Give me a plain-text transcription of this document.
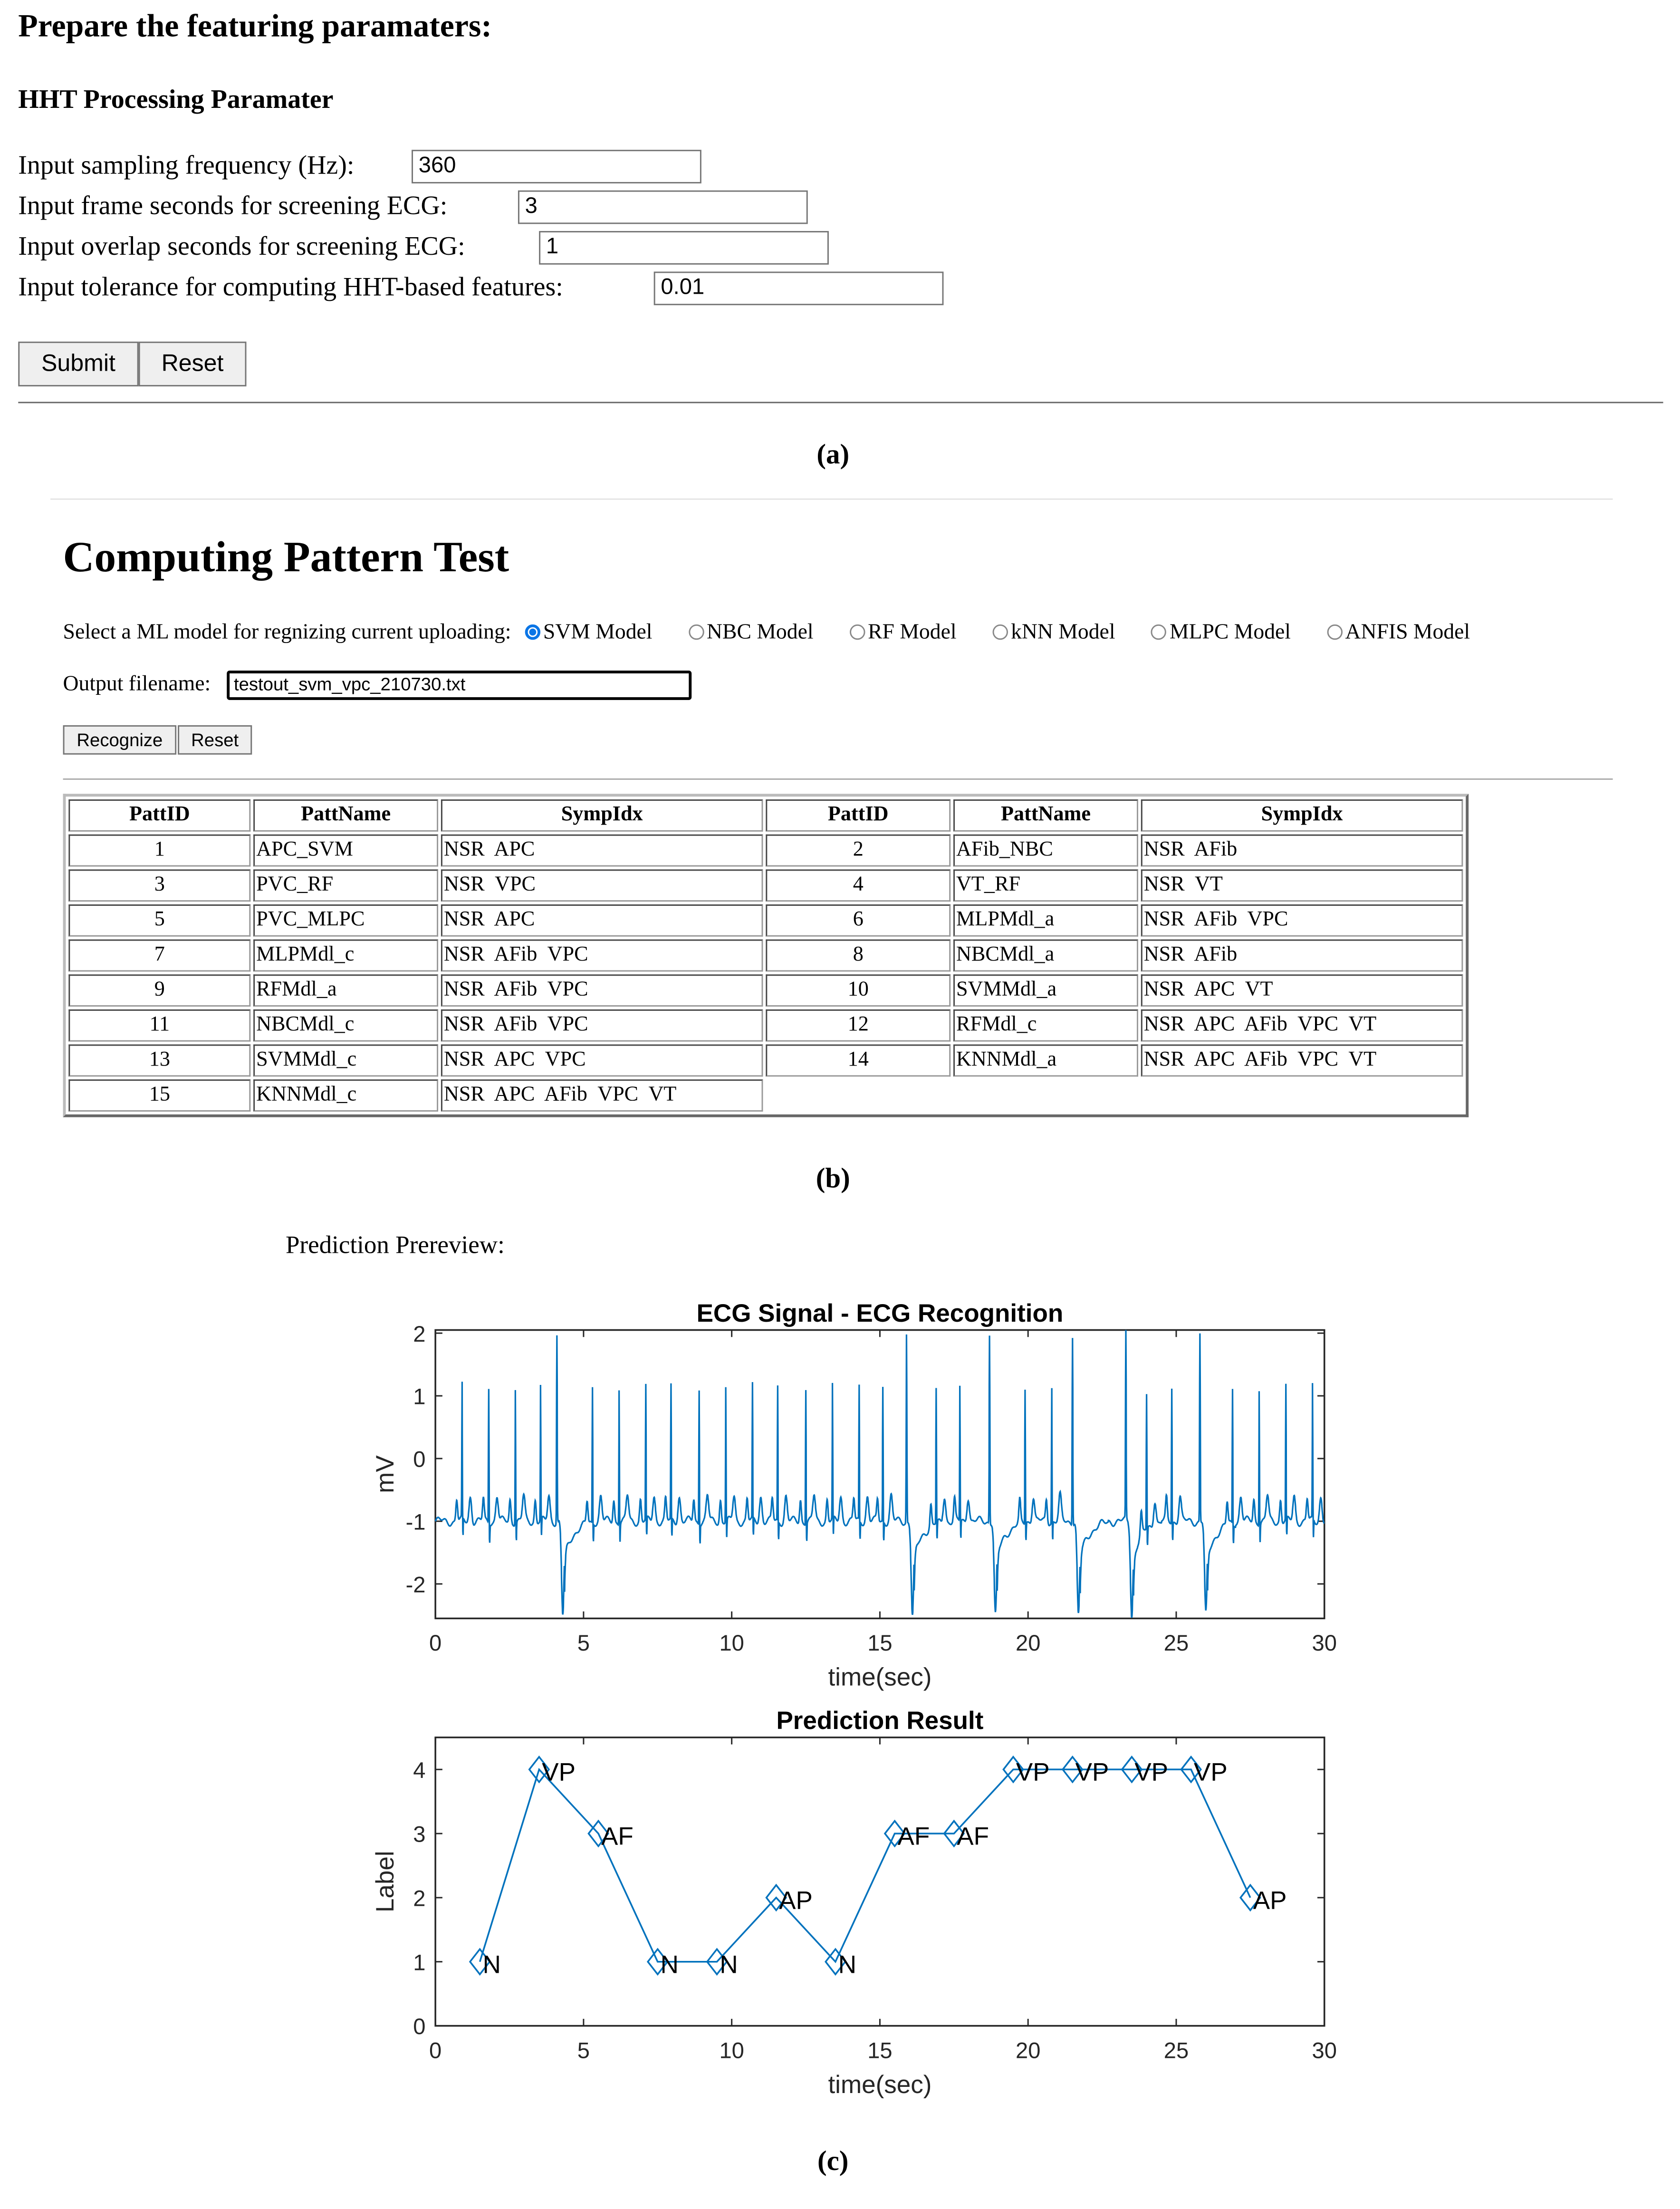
Prepare the featuring paramaters:
HHT Processing Paramater
Input sampling frequency (Hz):	360
Input frame seconds for screening ECG:	3
Input overlap seconds for screening ECG:	1
Input tolerance for computing HHT-based features:	0.01
Submit	Reset
(a)
Computing Pattern Test
Select a ML model for regnizing current uploading:	SVM Model	NBC Model	RF Model	kNN Model	MLPC Model	ANFIS Model
Output filename:	testout_svm_vpc_210730.txt
Recognize	Reset
PattID	PattName	SympIdx	PattID	PattName	SympIdx
1	APC_SVM	NSR  APC	2	AFib_NBC	NSR  AFib
3	PVC_RF	NSR  VPC	4	VT_RF	NSR  VT
5	PVC_MLPC	NSR  APC	6	MLPMdl_a	NSR  AFib  VPC
7	MLPMdl_c	NSR  AFib  VPC	8	NBCMdl_a	NSR  AFib
9	RFMdl_a	NSR  AFib  VPC	10	SVMMdl_a	NSR  APC  VT
11	NBCMdl_c	NSR  AFib  VPC	12	RFMdl_c	NSR  APC  AFib  VPC  VT
13	SVMMdl_c	NSR  APC  VPC	14	KNNMdl_a	NSR  APC  AFib  VPC  VT
15	KNNMdl_c	NSR  APC  AFib  VPC  VT			
(b)
Prediction Prereview:
0	5	10	15	20	25	30
-2
-1
0
1
2
ECG Signal - ECG Recognition
time(sec)
mV
0	5	10	15	20	25	30
0
1
2
3
4
Prediction Result
time(sec)
Label
N
VP
AF
N	N
AP
N
AF	AF
VP	VP	VP	VP
AP
(c)
